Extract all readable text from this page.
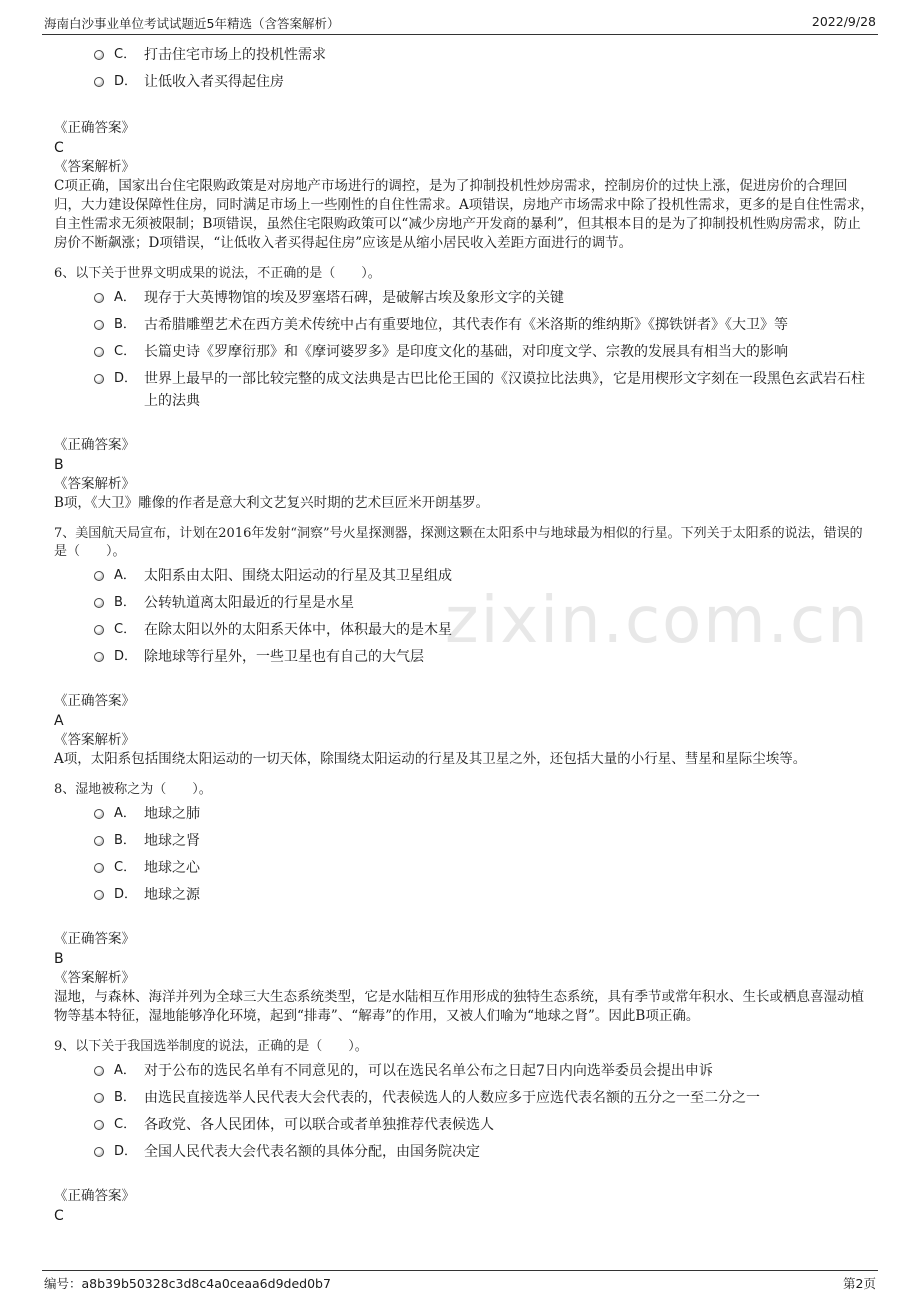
海南白沙事业单位考试试题近5年精选（含答案解析）	2022/9/28
zixin.com.cn
C． 打击住宅市场上的投机性需求
D． 让低收入者买得起住房
《正确答案》
C
《答案解析》
C项正确，国家出台住宅限购政策是对房地产市场进行的调控，是为了抑制投机性炒房需求，控制房价的过快上涨，促进房价的合理回归，大力建设保障性住房，同时满足市场上一些刚性的自住性需求。A项错误，房地产市场需求中除了投机性需求，更多的是自住性需求，自主性需求无须被限制；B项错误，虽然住宅限购政策可以“减少房地产开发商的暴利”，但其根本目的是为了抑制投机性购房需求，防止房价不断飙涨；D项错误，“让低收入者买得起住房”应该是从缩小居民收入差距方面进行的调节。
6、以下关于世界文明成果的说法，不正确的是（　　）。
A． 现存于大英博物馆的埃及罗塞塔石碑，是破解古埃及象形文字的关键
B． 古希腊雕塑艺术在西方美术传统中占有重要地位，其代表作有《米洛斯的维纳斯》《掷铁饼者》《大卫》等
C． 长篇史诗《罗摩衍那》和《摩诃婆罗多》是印度文化的基础，对印度文学、宗教的发展具有相当大的影响
D． 世界上最早的一部比较完整的成文法典是古巴比伦王国的《汉谟拉比法典》，它是用楔形文字刻在一段黑色玄武岩石柱上的法典
《正确答案》
B
《答案解析》
B项，《大卫》雕像的作者是意大利文艺复兴时期的艺术巨匠米开朗基罗。
7、美国航天局宣布，计划在2016年发射“洞察”号火星探测器，探测这颗在太阳系中与地球最为相似的行星。下列关于太阳系的说法，错误的是（　　）。
A． 太阳系由太阳、围绕太阳运动的行星及其卫星组成
B． 公转轨道离太阳最近的行星是水星
C． 在除太阳以外的太阳系天体中，体积最大的是木星
D． 除地球等行星外，一些卫星也有自己的大气层
《正确答案》
A
《答案解析》
A项，太阳系包括围绕太阳运动的一切天体，除围绕太阳运动的行星及其卫星之外，还包括大量的小行星、彗星和星际尘埃等。
8、湿地被称之为（　　）。
A． 地球之肺
B． 地球之肾
C． 地球之心
D． 地球之源
《正确答案》
B
《答案解析》
湿地，与森林、海洋并列为全球三大生态系统类型，它是水陆相互作用形成的独特生态系统，具有季节或常年积水、生长或栖息喜湿动植物等基本特征，湿地能够净化环境，起到“排毒”、“解毒”的作用，又被人们喻为“地球之肾”。因此B项正确。
9、以下关于我国选举制度的说法，正确的是（　　）。
A． 对于公布的选民名单有不同意见的，可以在选民名单公布之日起7日内向选举委员会提出申诉
B． 由选民直接选举人民代表大会代表的，代表候选人的人数应多于应选代表名额的五分之一至二分之一
C． 各政党、各人民团体，可以联合或者单独推荐代表候选人
D． 全国人民代表大会代表名额的具体分配，由国务院决定
《正确答案》
C
编号：a8b39b50328c3d8c4a0ceaa6d9ded0b7	第2页
